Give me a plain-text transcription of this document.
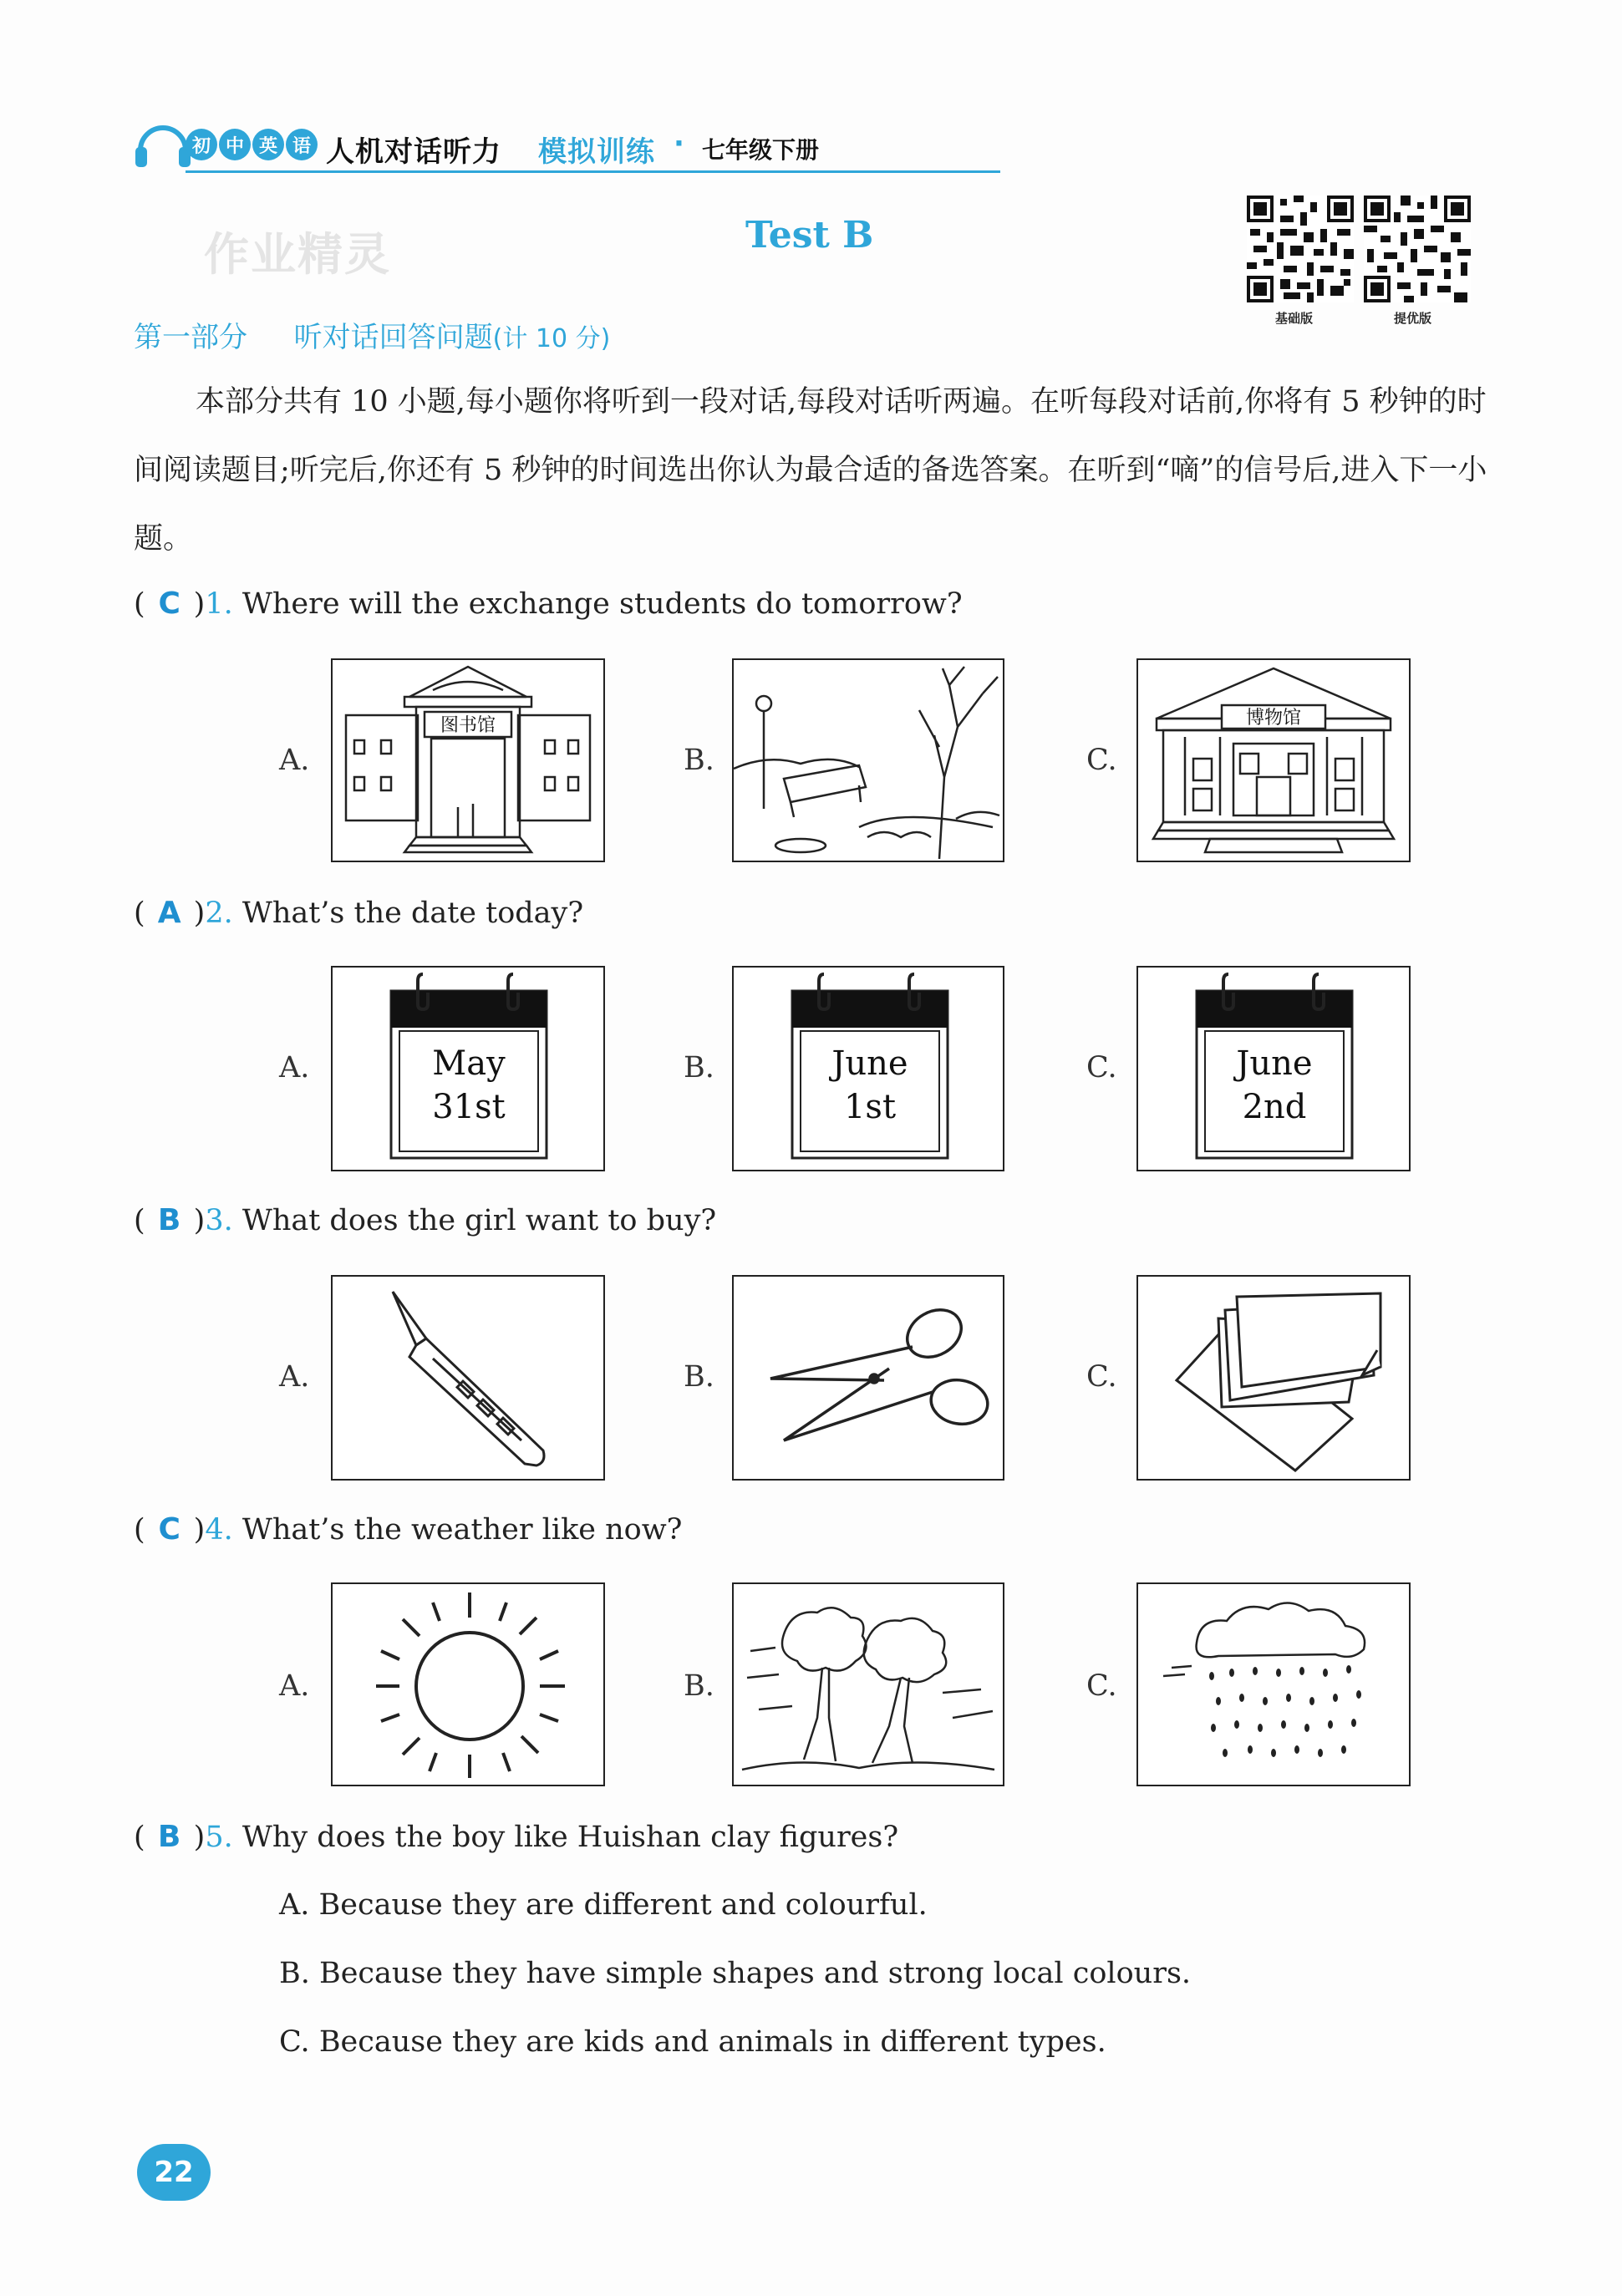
初 中 英 语 人机对话听力 模拟训练 · 七年级下册
作业精灵	Test B
基础版	提优版
第一部分 听对话回答问题(计 10 分)

本部分共有 10 小题,每小题你将听到一段对话,每段对话听两遍。在听每段对话前,你将有 5 秒钟的时间阅读题目;听完后,你还有 5 秒钟的时间选出你认为最合适的备选答案。在听到“嘀”的信号后,进入下一小题。

( C )1. Where will the exchange students do tomorrow?
A.
图书馆
B.	C.
博物馆
( A )2. What’s the date today?
A.	May
31st
B.	June
1st
C.	June
2nd
( B )3. What does the girl want to buy?
A.	B.	C.
( C )4. What’s the weather like now?
A.	B.	C.
( B )5. Why does the boy like Huishan clay figures?
A. Because they are different and colourful.
B. Because they have simple shapes and strong local colours.
C. Because they are kids and animals in different types.
22
